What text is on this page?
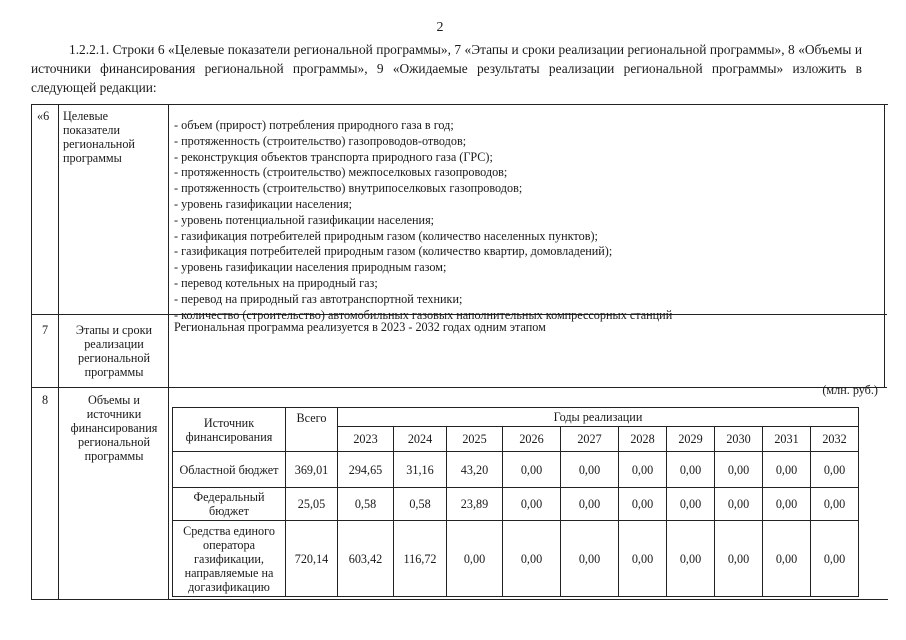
2
1.2.2.1. Строки 6 «Целевые показатели региональной программы», 7 «Этапы и сроки реализации региональной программы», 8 «Объемы и источники финансирования региональной программы», 9 «Ожидаемые результаты реализации региональной программы» изложить в следующей редакции:
«6 Целевые показатели региональной программы
- объем (прирост) потребления природного газа в год;
- протяженность (строительство) газопроводов-отводов;
- реконструкция объектов транспорта природного газа (ГРС);
- протяженность (строительство) межпоселковых газопроводов;
- протяженность (строительство) внутрипоселковых газопроводов;
- уровень газификации населения;
- уровень потенциальной газификации населения;
- газификация потребителей природным газом (количество населенных пунктов);
- газификация потребителей природным газом (количество квартир, домовладений);
- уровень газификации населения природным газом;
- перевод котельных на природный газ;
- перевод на природный газ автотранспортной техники;
- количество (строительство) автомобильных газовых наполнительных компрессорных станций
7	Этапы и сроки реализации региональной программы
Региональная программа реализуется в 2023 - 2032 годах одним этапом
8	Объемы и источники финансирования региональной программы
(млн. руб.)
Источник финансирования	Всего	Годы реализации									
		2023	2024	2025	2026	2027	2028	2029	2030	2031	2032
Областной бюджет	369,01	294,65	31,16	43,20	0,00	0,00	0,00	0,00	0,00	0,00	0,00
Федеральный бюджет	25,05	0,58	0,58	23,89	0,00	0,00	0,00	0,00	0,00	0,00	0,00
Средства единого оператора газификации, направляемые на догазификацию	720,14	603,42	116,72	0,00	0,00	0,00	0,00	0,00	0,00	0,00	0,00
